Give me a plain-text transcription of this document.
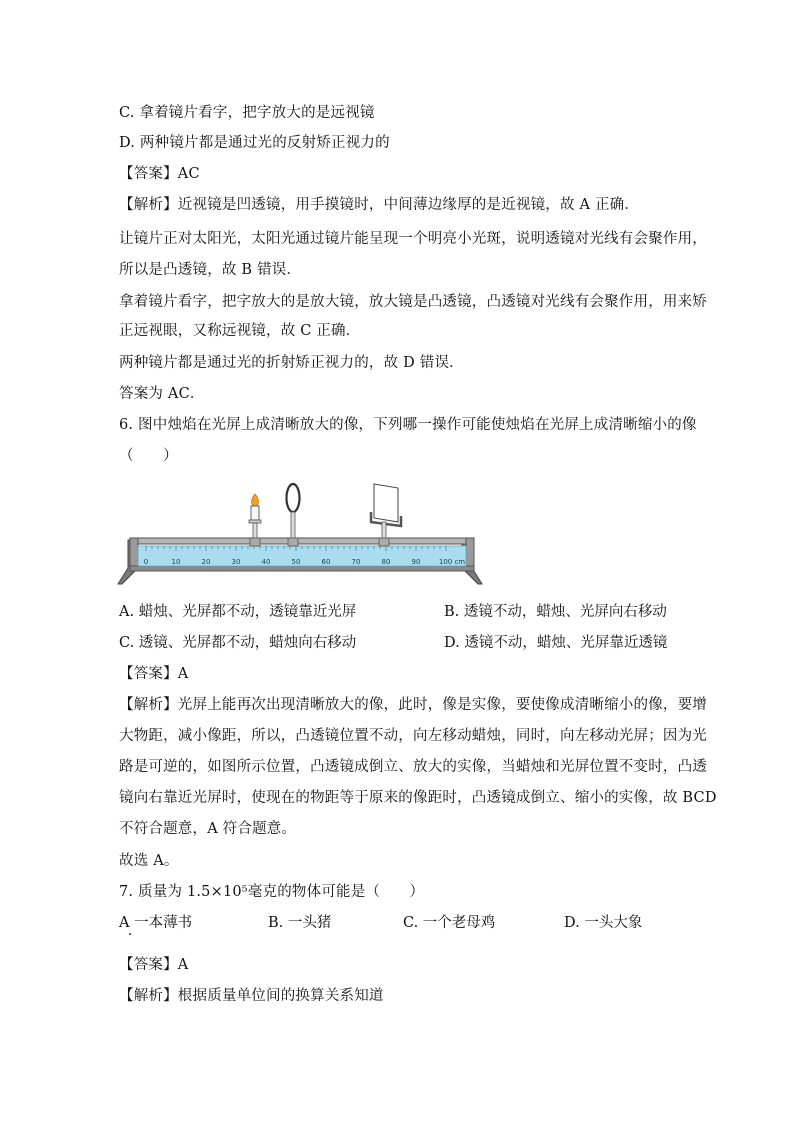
C. 拿着镜片看字，把字放大的是远视镜
D. 两种镜片都是通过光的反射矫正视力的
【答案】AC
【解析】近视镜是凹透镜，用手摸镜时，中间薄边缘厚的是近视镜，故 A 正确．
让镜片正对太阳光，太阳光通过镜片能呈现一个明亮小光斑，说明透镜对光线有会聚作用，
所以是凸透镜，故 B 错误．
拿着镜片看字，把字放大的是放大镜，放大镜是凸透镜，凸透镜对光线有会聚作用，用来矫
正远视眼，又称远视镜，故 C 正确．
两种镜片都是通过光的折射矫正视力的，故 D 错误．
答案为 AC．
6. 图中烛焰在光屏上成清晰放大的像，下列哪一操作可能使烛焰在光屏上成清晰缩小的像
（　　）
0	10	20	30	40	50	60	70	80	90	100 cm
A. 蜡烛、光屏都不动，透镜靠近光屏	B. 透镜不动，蜡烛、光屏向右移动
C. 透镜、光屏都不动，蜡烛向右移动	D. 透镜不动，蜡烛、光屏靠近透镜
【答案】A
【解析】光屏上能再次出现清晰放大的像，此时，像是实像，要使像成清晰缩小的像，要增
大物距，减小像距，所以，凸透镜位置不动，向左移动蜡烛，同时，向左移动光屏；因为光
路是可逆的，如图所示位置，凸透镜成倒立、放大的实像，当蜡烛和光屏位置不变时，凸透
镜向右靠近光屏时，使现在的物距等于原来的像距时，凸透镜成倒立、缩小的实像，故 BCD
不符合题意，A 符合题意。
故选 A。
7. 质量为 1.5×10⁵毫克的物体可能是（　　）
A 一本薄书	B. 一头猪	C. 一个老母鸡	D. 一头大象
【答案】A
【解析】根据质量单位间的换算关系知道
